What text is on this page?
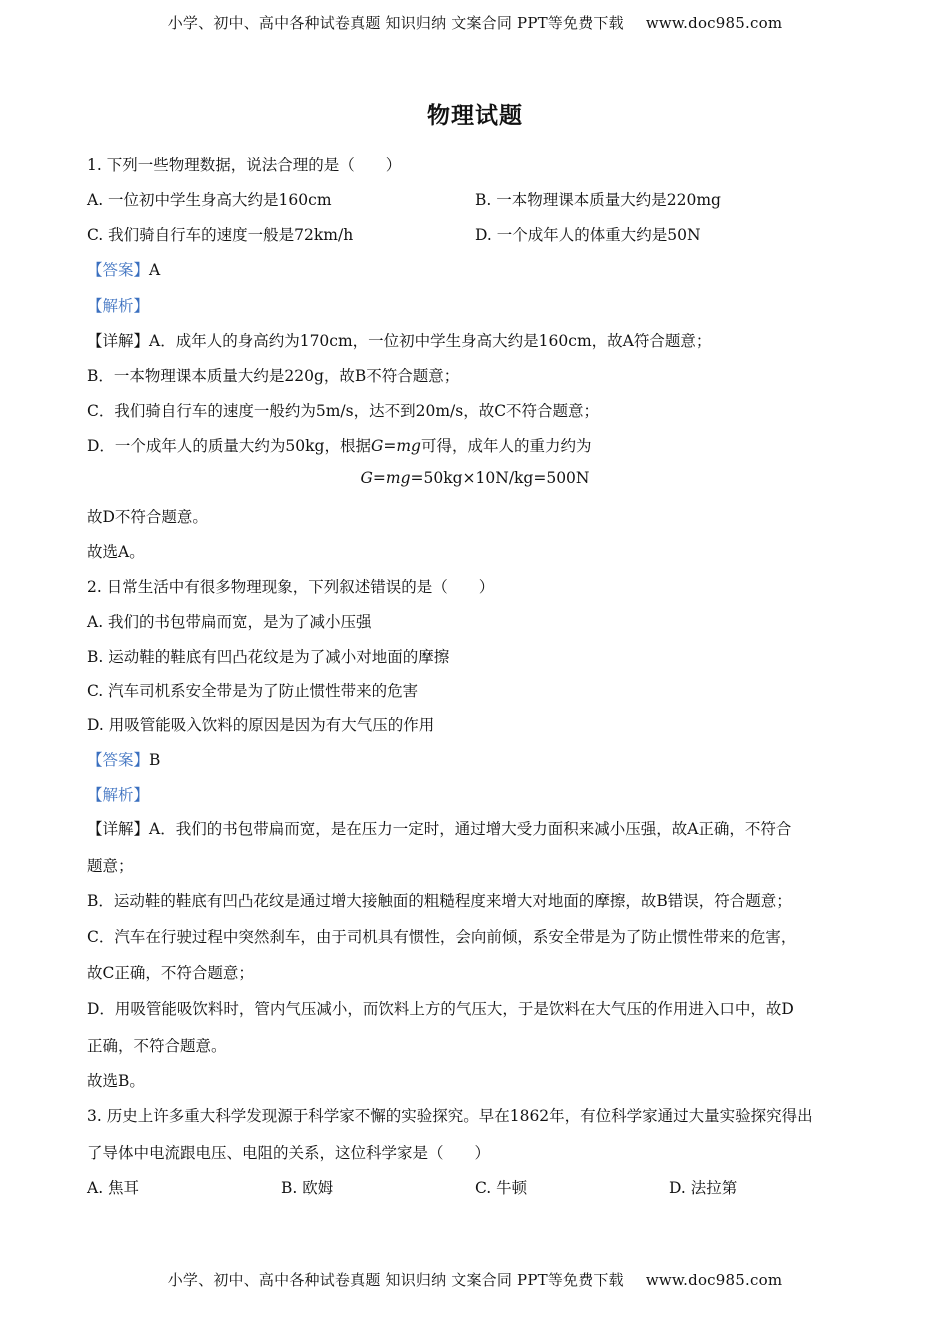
小学、初中、高中各种试卷真题 知识归纳 文案合同 PPT等免费下载 www.doc985.com
物理试题
1. 下列一些物理数据，说法合理的是（　　）
A. 一位初中学生身高大约是160cm	B. 一本物理课本质量大约是220mg
C. 我们骑自行车的速度一般是72km/h	D. 一个成年人的体重大约是50N
【答案】A
【解析】
【详解】A．成年人的身高约为170cm，一位初中学生身高大约是160cm，故A符合题意；
B．一本物理课本质量大约是220g，故B不符合题意；
C．我们骑自行车的速度一般约为5m/s，达不到20m/s，故C不符合题意；
D．一个成年人的质量大约为50kg，根据G=mg可得，成年人的重力约为
G=mg=50kg×10N/kg=500N
故D不符合题意。
故选A。
2. 日常生活中有很多物理现象，下列叙述错误的是（　　）
A. 我们的书包带扁而宽，是为了减小压强
B. 运动鞋的鞋底有凹凸花纹是为了减小对地面的摩擦
C. 汽车司机系安全带是为了防止惯性带来的危害
D. 用吸管能吸入饮料的原因是因为有大气压的作用
【答案】B
【解析】
【详解】A．我们的书包带扁而宽，是在压力一定时，通过增大受力面积来减小压强，故A正确，不符合
题意；
B．运动鞋的鞋底有凹凸花纹是通过增大接触面的粗糙程度来增大对地面的摩擦，故B错误，符合题意；
C．汽车在行驶过程中突然刹车，由于司机具有惯性，会向前倾，系安全带是为了防止惯性带来的危害，
故C正确，不符合题意；
D．用吸管能吸饮料时，管内气压减小，而饮料上方的气压大，于是饮料在大气压的作用进入口中，故D
正确，不符合题意。
故选B。
3. 历史上许多重大科学发现源于科学家不懈的实验探究。早在1862年，有位科学家通过大量实验探究得出
了导体中电流跟电压、电阻的关系，这位科学家是（　　）
A. 焦耳	B. 欧姆	C. 牛顿	D. 法拉第
小学、初中、高中各种试卷真题 知识归纳 文案合同 PPT等免费下载 www.doc985.com
